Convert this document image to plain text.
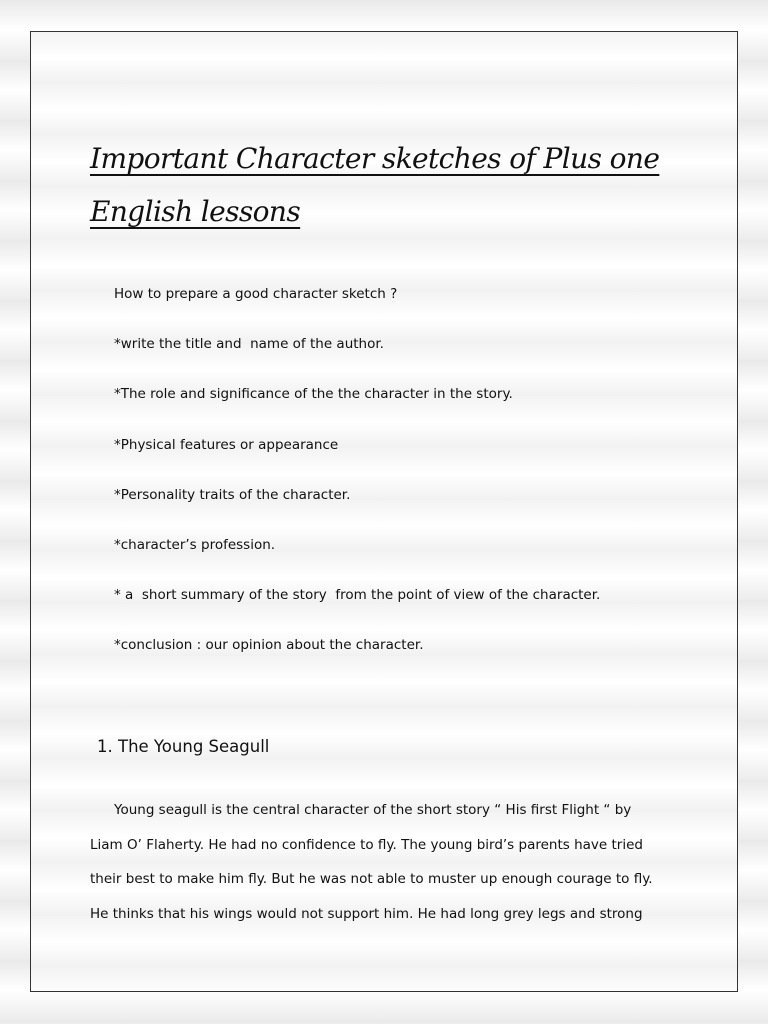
Important Character sketches of Plus one English lessons

How to prepare a good character sketch ?

*write the title and  name of the author.

*The role and significance of the the character in the story.

*Physical features or appearance

*Personality traits of the character.

*character’s profession.

* a  short summary of the story  from the point of view of the character.

*conclusion : our opinion about the character.

1. The Young Seagull

Young seagull is the central character of the short story “ His first Flight “ by
Liam O’ Flaherty. He had no confidence to fly. The young bird’s parents have tried
their best to make him fly. But he was not able to muster up enough courage to fly.
He thinks that his wings would not support him. He had long grey legs and strong
